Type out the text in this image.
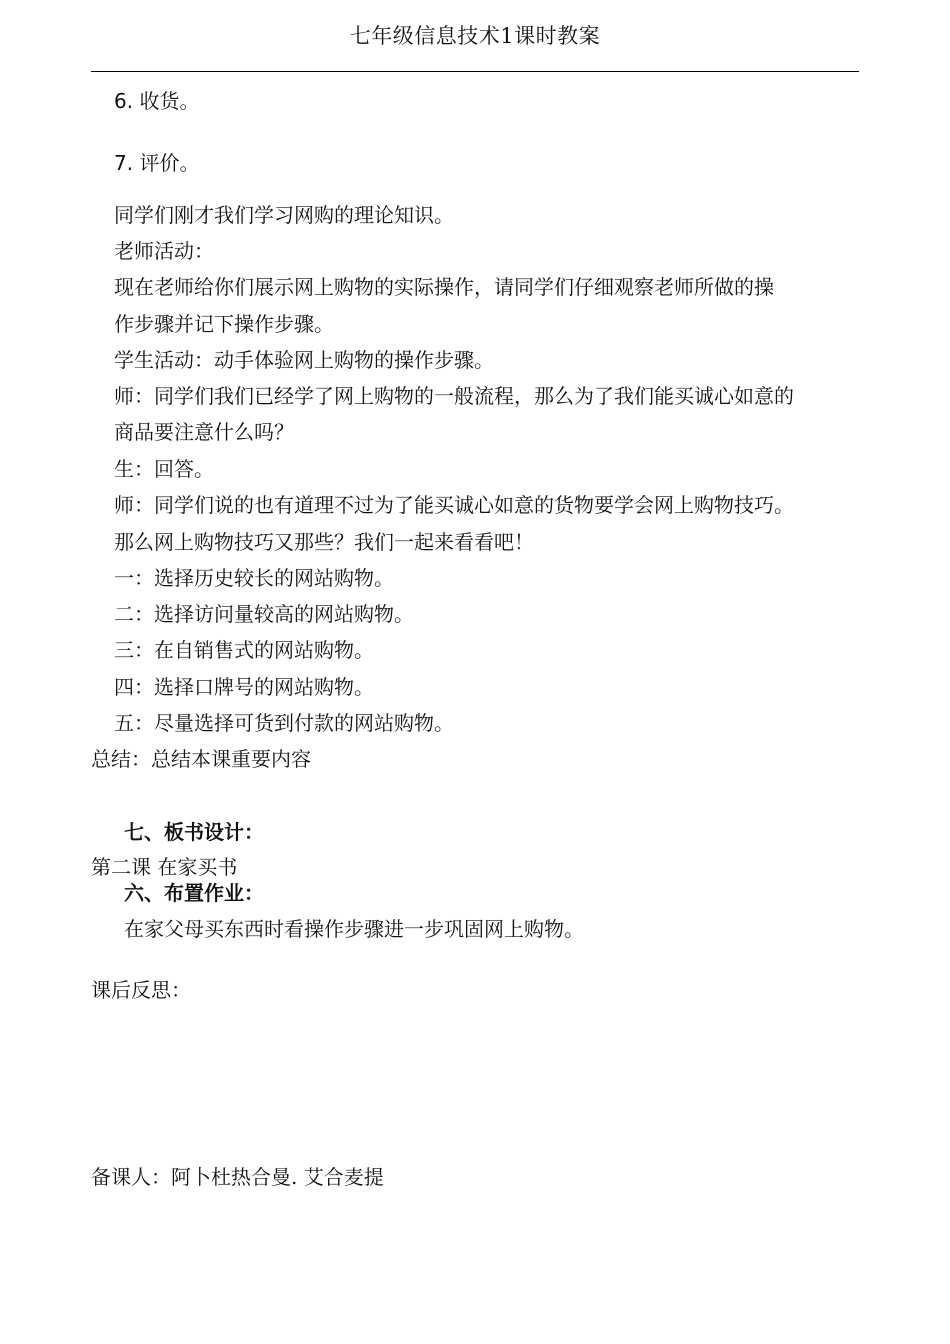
七年级信息技术1课时教案
6. 收货。
7. 评价。
同学们刚才我们学习网购的理论知识。
老师活动：
现在老师给你们展示网上购物的实际操作，请同学们仔细观察老师所做的操
作步骤并记下操作步骤。
学生活动：动手体验网上购物的操作步骤。
师：同学们我们已经学了网上购物的一般流程，那么为了我们能买诚心如意的
商品要注意什么吗？
生：回答。
师：同学们说的也有道理不过为了能买诚心如意的货物要学会网上购物技巧。
那么网上购物技巧又那些？我们一起来看看吧！
一：选择历史较长的网站购物。
二：选择访问量较高的网站购物。
三：在自销售式的网站购物。
四：选择口牌号的网站购物。
五：尽量选择可货到付款的网站购物。
总结：总结本课重要内容
七、板书设计：
第二课 在家买书
六、布置作业：
在家父母买东西时看操作步骤进一步巩固网上购物。
课后反思：
备课人：阿卜杜热合曼. 艾合麦提
